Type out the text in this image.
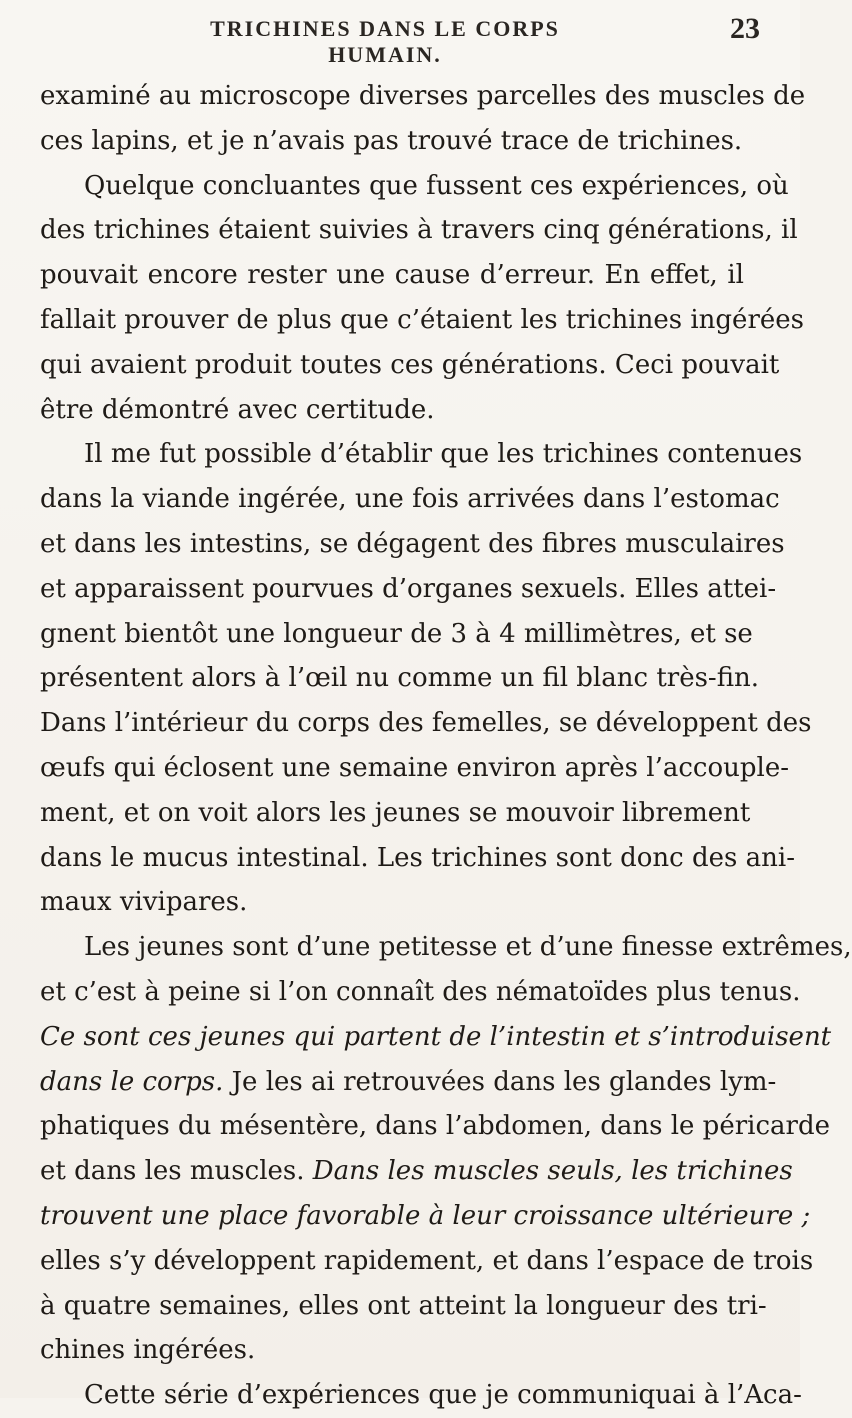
TRICHINES DANS LE CORPS HUMAIN.
23
examiné au microscope diverses parcelles des muscles de
ces lapins, et je n’avais pas trouvé trace de trichines.
Quelque concluantes que fussent ces expériences, où
des trichines étaient suivies à travers cinq générations, il
pouvait encore rester une cause d’erreur. En effet, il
fallait prouver de plus que c’étaient les trichines ingérées
qui avaient produit toutes ces générations. Ceci pouvait
être démontré avec certitude.
Il me fut possible d’établir que les trichines contenues
dans la viande ingérée, une fois arrivées dans l’estomac
et dans les intestins, se dégagent des fibres musculaires
et apparaissent pourvues d’organes sexuels. Elles attei-
gnent bientôt une longueur de 3 à 4 millimètres, et se
présentent alors à l’œil nu comme un fil blanc très-fin.
Dans l’intérieur du corps des femelles, se développent des
œufs qui éclosent une semaine environ après l’accouple-
ment, et on voit alors les jeunes se mouvoir librement
dans le mucus intestinal. Les trichines sont donc des ani-
maux vivipares.
Les jeunes sont d’une petitesse et d’une finesse extrêmes,
et c’est à peine si l’on connaît des nématoïdes plus tenus.
Ce sont ces jeunes qui partent de l’intestin et s’introduisent
dans le corps. Je les ai retrouvées dans les glandes lym-
phatiques du mésentère, dans l’abdomen, dans le péricarde
et dans les muscles. Dans les muscles seuls, les trichines
trouvent une place favorable à leur croissance ultérieure ;
elles s’y développent rapidement, et dans l’espace de trois
à quatre semaines, elles ont atteint la longueur des tri-
chines ingérées.
Cette série d’expériences que je communiquai à l’Aca-
